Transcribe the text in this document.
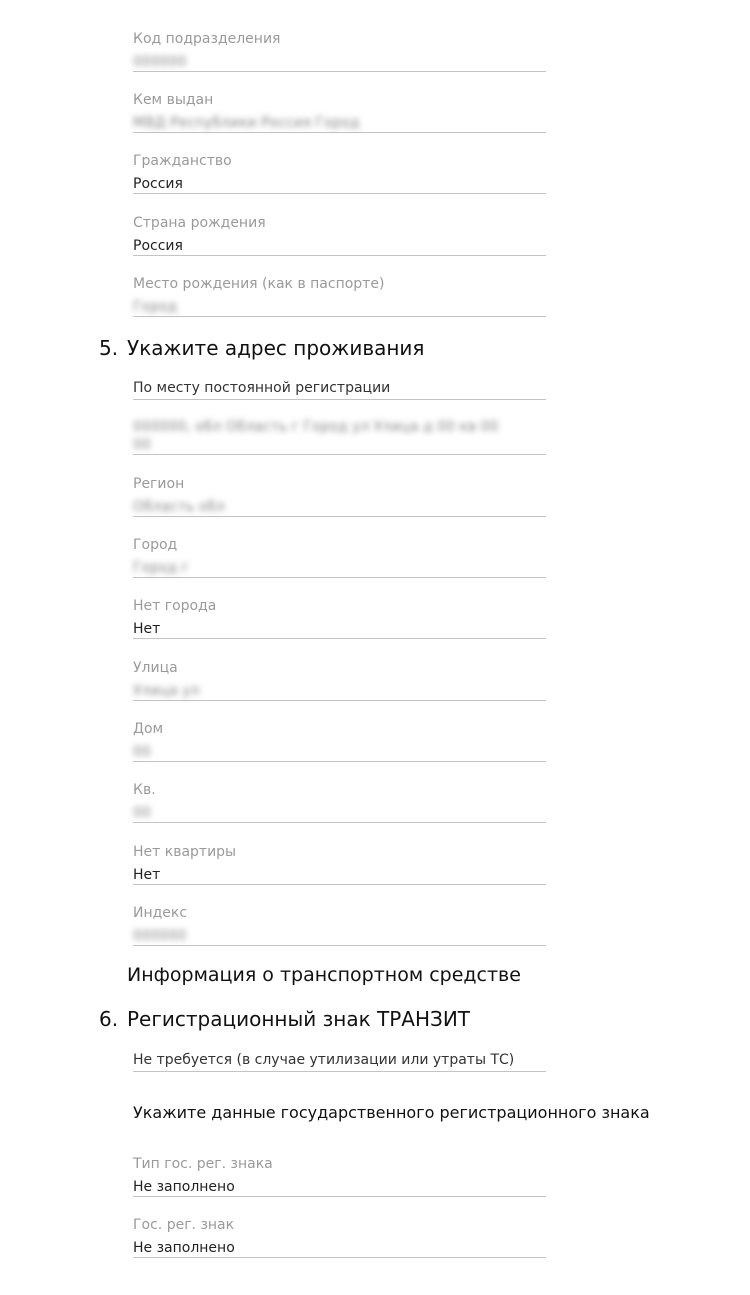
Код подразделения
000000
Кем выдан
МВД Республики Россия Город
Гражданство
Россия
Страна рождения
Россия
Место рождения (как в паспорте)
Город
5. Укажите адрес проживания
По месту постоянной регистрации
000000, обл Область г Город ул Улица д 00 кв 00
00
Регион
Область обл
Город
Город г
Нет города
Нет
Улица
Улица ул
Дом
00
Кв.
00
Нет квартиры
Нет
Индекс
000000
Информация о транспортном средстве
6. Регистрационный знак ТРАНЗИТ
Не требуется (в случае утилизации или утраты ТС)
Укажите данные государственного регистрационного знака
Тип гос. рег. знака
Не заполнено
Гос. рег. знак
Не заполнено
